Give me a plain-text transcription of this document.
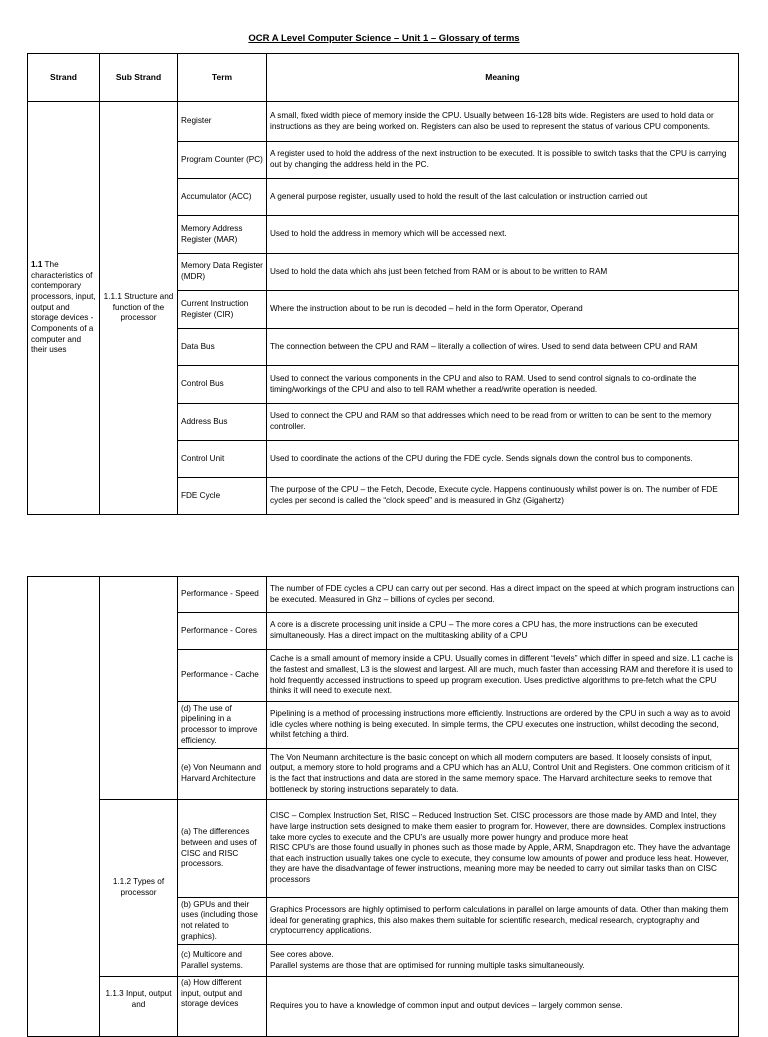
OCR A Level Computer Science – Unit 1 – Glossary of terms
Strand	Sub Strand	Term	Meaning
1.1 The characteristics of contemporary processors, input, output and storage devices - Components of a computer and their uses	1.1.1 Structure and function of the processor	Register	A small, fixed width piece of memory inside the CPU. Usually between 16-128 bits wide. Registers are used to hold data or instructions as they are being worked on. Registers can also be used to represent the status of various CPU components.
		Program Counter (PC)	A register used to hold the address of the next instruction to be executed. It is possible to switch tasks that the CPU is carrying out by changing the address held in the PC.
		Accumulator (ACC)	A general purpose register, usually used to hold the result of the last calculation or instruction carried out
		Memory Address Register (MAR)	Used to hold the address in memory which will be accessed next.
		Memory Data Register (MDR)	Used to hold the data which ahs just been fetched from RAM or is about to be written to RAM
		Current Instruction Register (CIR)	Where the instruction about to be run is decoded – held in the form Operator, Operand
		Data Bus	The connection between the CPU and RAM – literally a collection of wires. Used to send data between CPU and RAM
		Control Bus	Used to connect the various components in the CPU and also to RAM. Used to send control signals to co-ordinate the timing/workings of the CPU and also to tell RAM whether a read/write operation is needed.
		Address Bus	Used to connect the CPU and RAM so that addresses which need to be read from or written to can be sent to the memory controller.
		Control Unit	Used to coordinate the actions of the CPU during the FDE cycle. Sends signals down the control bus to components.
		FDE Cycle	The purpose of the CPU – the Fetch, Decode, Execute cycle. Happens continuously whilst power is on. The number of FDE cycles per second is called the “clock speed” and is measured in Ghz (Gigahertz)
		Performance - Speed	The number of FDE cycles a CPU can carry out per second. Has a direct impact on the speed at which program instructions can be executed. Measured in Ghz – billions of cycles per second.
		Performance - Cores	A core is a discrete processing unit inside a CPU – The more cores a CPU has, the more instructions can be executed simultaneously. Has a direct impact on the multitasking ability of a CPU
		Performance - Cache	Cache is a small amount of memory inside a CPU. Usually comes in different “levels” which differ in speed and size. L1 cache is the fastest and smallest, L3 is the slowest and largest. All are much, much faster than accessing RAM and therefore it is used to hold frequently accessed instructions to speed up program execution. Uses predictive algorithms to pre-fetch what the CPU thinks it will need to execute next.
		(d) The use of pipelining in a processor to improve efficiency.	Pipelining is a method of processing instructions more efficiently. Instructions are ordered by the CPU in such a way as to avoid idle cycles where nothing is being executed. In simple terms, the CPU executes one instruction, whilst decoding the second, whilst fetching a third.
		(e) Von Neumann and Harvard Architecture	The Von Neumann architecture is the basic concept on which all modern computers are based. It loosely consists of input, output, a memory store to hold programs and a CPU which has an ALU, Control Unit and Registers. One common criticism of it is the fact that instructions and data are stored in the same memory space. The Harvard architecture seeks to remove that bottleneck by storing instructions separately to data.
	1.1.2 Types of processor	(a) The differences between and uses of CISC and RISC processors.	CISC – Complex Instruction Set, RISC – Reduced Instruction Set. CISC processors are those made by AMD and Intel, they have large instruction sets designed to make them easier to program for. However, there are downsides. Complex instructions take more cycles to execute and the CPU’s are usually more power hungry and produce more heat
RISC CPU’s are those found usually in phones such as those made by Apple, ARM, Snapdragon etc. They have the advantage that each instruction usually takes one cycle to execute, they consume low amounts of power and produce less heat. However, they are have the disadvantage of fewer instructions, meaning more may be needed to carry out similar tasks than on CISC processors
		(b) GPUs and their uses (including those not related to graphics).	Graphics Processors are highly optimised to perform calculations in parallel on large amounts of data. Other than making them ideal for generating graphics, this also makes them suitable for scientific research, medical research, cryptography and cryptocurrency applications.
		(c) Multicore and Parallel systems.	See cores above.
Parallel systems are those that are optimised for running multiple tasks simultaneously.
	1.1.3 Input, output and	(a) How different input, output and storage devices	Requires you to have a knowledge of common input and output devices – largely common sense.
